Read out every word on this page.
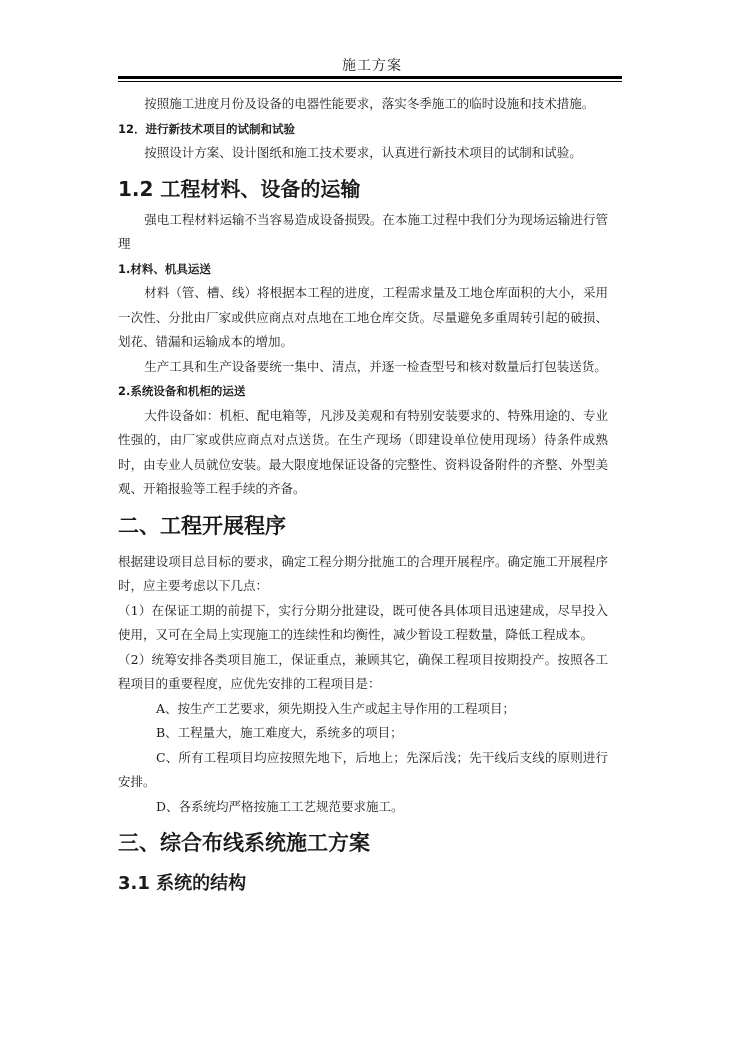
施工方案

按照施工进度月份及设备的电器性能要求，落实冬季施工的临时设施和技术措施。

12．进行新技术项目的试制和试验

按照设计方案、设计图纸和施工技术要求，认真进行新技术项目的试制和试验。

1.2 工程材料、设备的运输

强电工程材料运输不当容易造成设备损毁。在本施工过程中我们分为现场运输进行管理

1.材料、机具运送

材料（管、槽、线）将根据本工程的进度，工程需求量及工地仓库面积的大小，采用一次性、分批由厂家或供应商点对点地在工地仓库交货。尽量避免多重周转引起的破损、划花、错漏和运输成本的增加。

生产工具和生产设备要统一集中、清点，并逐一检查型号和核对数量后打包装送货。

2.系统设备和机柜的运送

大件设备如：机柜、配电箱等，凡涉及美观和有特别安装要求的、特殊用途的、专业性强的，由厂家或供应商点对点送货。在生产现场（即建设单位使用现场）待条件成熟时，由专业人员就位安装。最大限度地保证设备的完整性、资料设备附件的齐整、外型美观、开箱报验等工程手续的齐备。

二、工程开展程序

根据建设项目总目标的要求，确定工程分期分批施工的合理开展程序。确定施工开展程序时，应主要考虑以下几点：

（1）在保证工期的前提下，实行分期分批建设，既可使各具体项目迅速建成，尽早投入使用，又可在全局上实现施工的连续性和均衡性，减少暂设工程数量，降低工程成本。

（2）统筹安排各类项目施工，保证重点，兼顾其它，确保工程项目按期投产。按照各工程项目的重要程度，应优先安排的工程项目是：

A、按生产工艺要求，须先期投入生产或起主导作用的工程项目；

B、工程量大，施工难度大，系统多的项目；

C、所有工程项目均应按照先地下，后地上；先深后浅；先干线后支线的原则进行安排。

D、各系统均严格按施工工艺规范要求施工。

三、综合布线系统施工方案
3.1 系统的结构
